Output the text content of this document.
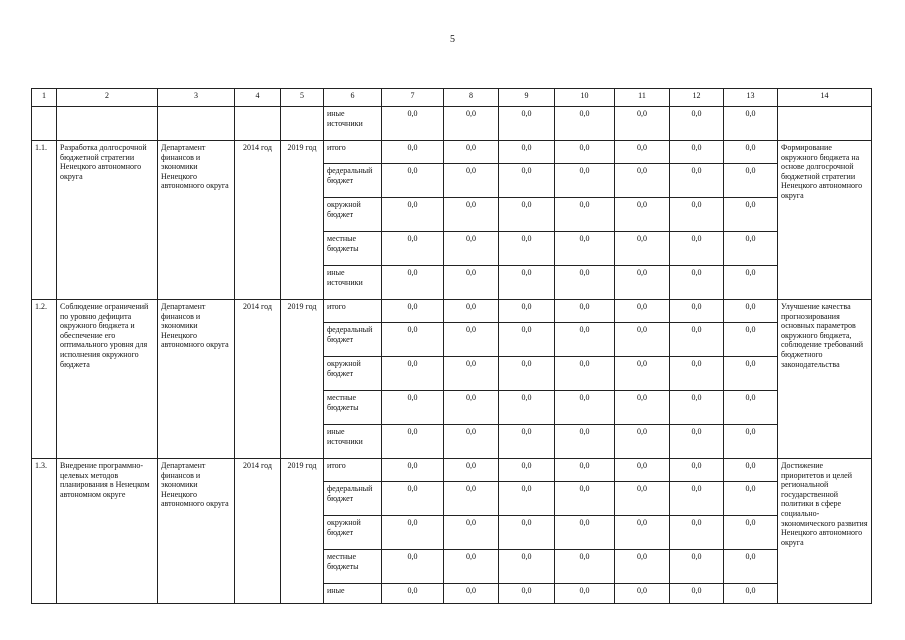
5
1	2	3	4	5	6	7	8	9	10	11	12	13	14
					иные источники	0,0	0,0	0,0	0,0	0,0	0,0	0,0	
1.1.	Разработка долгосрочной бюджетной стратегии Ненецкого автономного округа	Департамент финансов и экономики Ненецкого автономного округа	2014 год	2019 год	итого	0,0	0,0	0,0	0,0	0,0	0,0	0,0	Формирование окружного бюджета на основе долгосрочной бюджетной стратегии Ненецкого автономного округа
					федеральный бюджет	0,0	0,0	0,0	0,0	0,0	0,0	0,0	
					окружной бюджет	0,0	0,0	0,0	0,0	0,0	0,0	0,0	
					местные бюджеты	0,0	0,0	0,0	0,0	0,0	0,0	0,0	
					иные источники	0,0	0,0	0,0	0,0	0,0	0,0	0,0	
1.2.	Соблюдение ограничений по уровню дефицита окружного бюджета и обеспечение его оптимального уровня для исполнения окружного бюджета	Департамент финансов и экономики Ненецкого автономного округа	2014 год	2019 год	итого	0,0	0,0	0,0	0,0	0,0	0,0	0,0	Улучшение качества прогнозирования основных параметров окружного бюджета, соблюдение требований бюджетного законодательства
					федеральный бюджет	0,0	0,0	0,0	0,0	0,0	0,0	0,0	
					окружной бюджет	0,0	0,0	0,0	0,0	0,0	0,0	0,0	
					местные бюджеты	0,0	0,0	0,0	0,0	0,0	0,0	0,0	
					иные источники	0,0	0,0	0,0	0,0	0,0	0,0	0,0	
1.3.	Внедрение программно-целевых методов планирования в Ненецком автономном округе	Департамент финансов и экономики Ненецкого автономного округа	2014 год	2019 год	итого	0,0	0,0	0,0	0,0	0,0	0,0	0,0	Достижение приоритетов и целей региональной государственной политики в сфере социально-экономического развития Ненецкого автономного округа
					федеральный бюджет	0,0	0,0	0,0	0,0	0,0	0,0	0,0	
					окружной бюджет	0,0	0,0	0,0	0,0	0,0	0,0	0,0	
					местные бюджеты	0,0	0,0	0,0	0,0	0,0	0,0	0,0	
					иные	0,0	0,0	0,0	0,0	0,0	0,0	0,0	
